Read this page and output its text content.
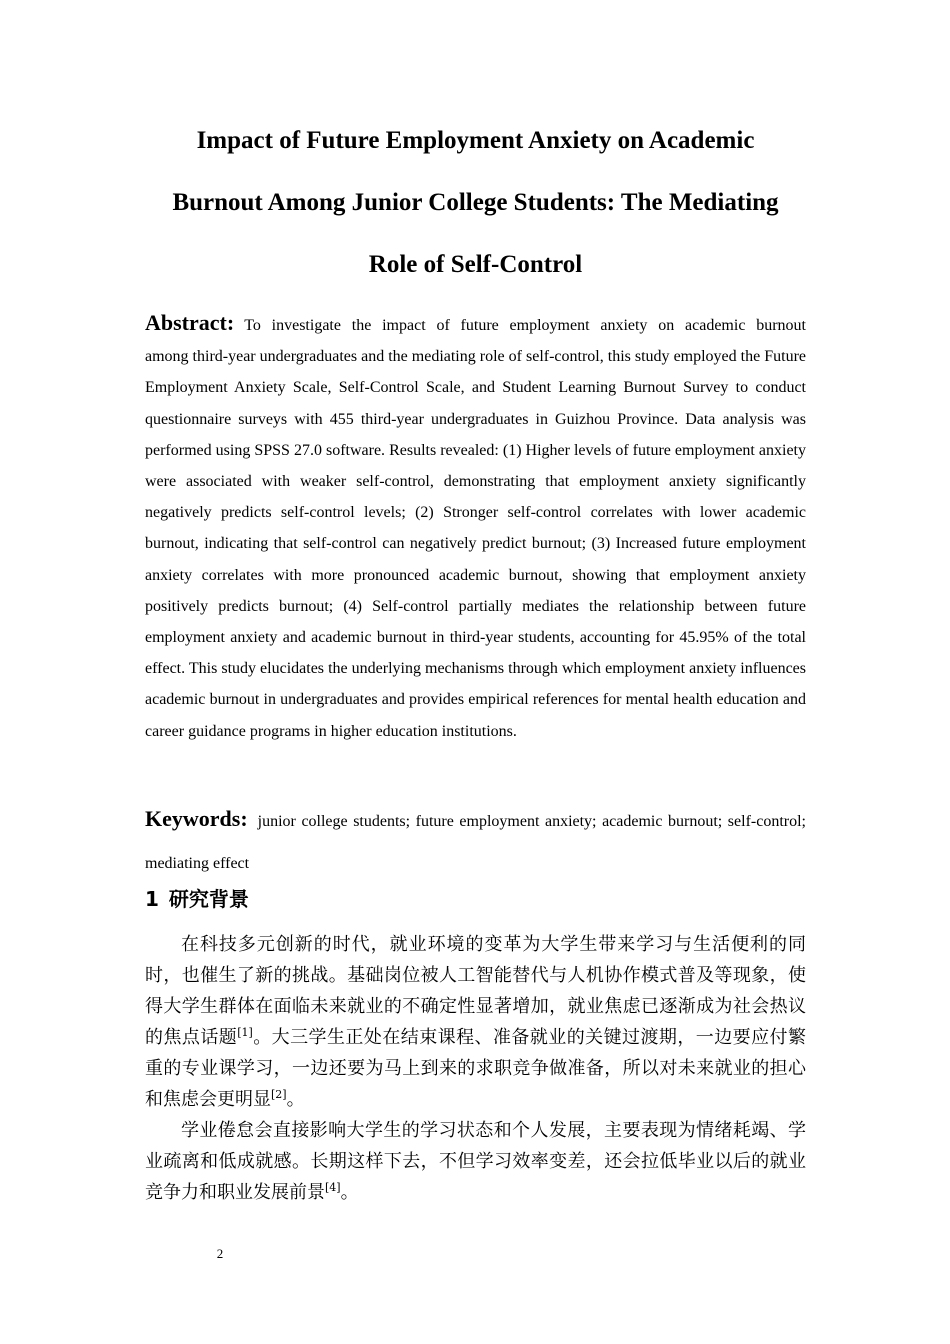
Impact of Future Employment Anxiety on Academic
Burnout Among Junior College Students: The Mediating
Role of Self-Control
Abstract: To investigate the impact of future employment anxiety on academic burnout
among third-year undergraduates and the mediating role of self-control, this study employed the Future Employment Anxiety Scale, Self-Control Scale, and Student Learning Burnout Survey to conduct questionnaire surveys with 455 third-year undergraduates in Guizhou Province. Data analysis was performed using SPSS 27.0 software. Results revealed: (1) Higher levels of future employment anxiety were associated with weaker self-control, demonstrating that employment anxiety significantly negatively predicts self-control levels; (2) Stronger self-control correlates with lower academic burnout, indicating that self-control can negatively predict burnout; (3) Increased future employment anxiety correlates with more pronounced academic burnout, showing that employment anxiety positively predicts burnout; (4) Self-control partially mediates the relationship between future employment anxiety and academic burnout in third-year students, accounting for 45.95% of the total effect. This study elucidates the underlying mechanisms through which employment anxiety influences academic burnout in undergraduates and provides empirical references for mental health education and career guidance programs in higher education institutions.
Keywords: junior college students; future employment anxiety; academic burnout; self-control; mediating effect
1 研究背景

在科技多元创新的时代，就业环境的变革为大学生带来学习与生活便利的同时，也催生了新的挑战。基础岗位被人工智能替代与人机协作模式普及等现象，使得大学生群体在面临未来就业的不确定性显著增加，就业焦虑已逐渐成为社会热议的焦点话题[1]。大三学生正处在结束课程、准备就业的关键过渡期，一边要应付繁重的专业课学习，一边还要为马上到来的求职竞争做准备，所以对未来就业的担心和焦虑会更明显[2]。

学业倦怠会直接影响大学生的学习状态和个人发展，主要表现为情绪耗竭、学业疏离和低成就感。长期这样下去，不但学习效率变差，还会拉低毕业以后的就业竞争力和职业发展前景[4]。

2
